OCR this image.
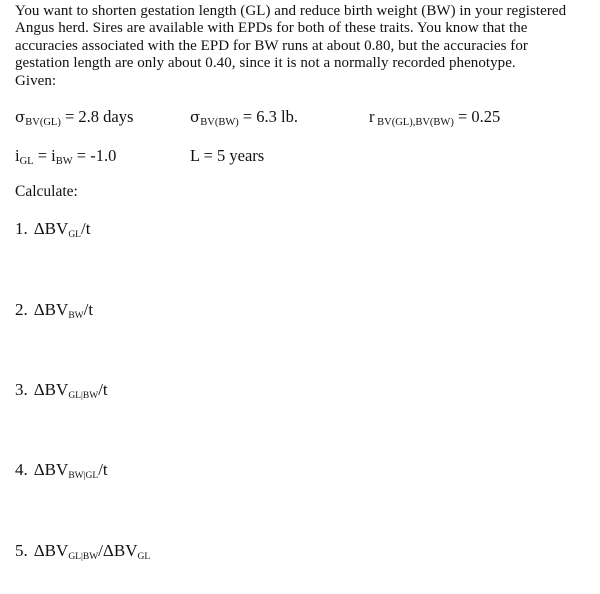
You want to shorten gestation length (GL) and reduce birth weight (BW) in your registered
Angus herd. Sires are available with EPDs for both of these traits. You know that the
accuracies associated with the EPD for BW runs at about 0.80, but the accuracies for
gestation length are only about 0.40, since it is not a normally recorded phenotype.
Given:
$\sigma_{BV(GL)} = 2.8$ days	$\sigma_{BV(BW)} = 6.3$ lb.	r $_{BV(GL),BV(BW)}$ = 0.25
$i_{GL} = i_{BW} = -1.0$	L = 5 years
Calculate:
1. ΔBVGL/t
2. ΔBVBW/t
3. ΔBVGL|BW/t
4. ΔBVBW|GL/t
5. ΔBVGL|BW/ΔBVGL
